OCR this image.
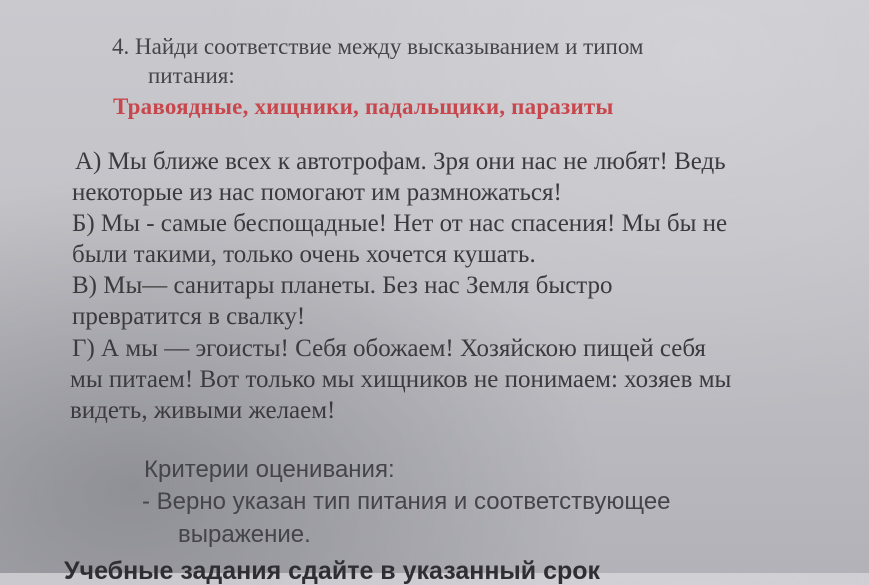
4. Найди соответствие между высказыванием и типом
питания:
Травоядные, хищники, падальщики, паразиты
А) Мы ближе всех к автотрофам. Зря они нас не любят! Ведь
некоторые из нас помогают им размножаться!
Б) Мы - самые беспощадные! Нет от нас спасения! Мы бы не
были такими, только очень хочется кушать.
В) Мы— санитары планеты. Без нас Земля быстро
превратится в свалку!
Г) А мы — эгоисты! Себя обожаем! Хозяйскою пищей себя
мы питаем! Вот только мы хищников не понимаем: хозяев мы
видеть, живыми желаем!
Критерии оценивания:
- Верно указан тип питания и соответствующее
выражение.
Учебные задания сдайте в указанный срок
